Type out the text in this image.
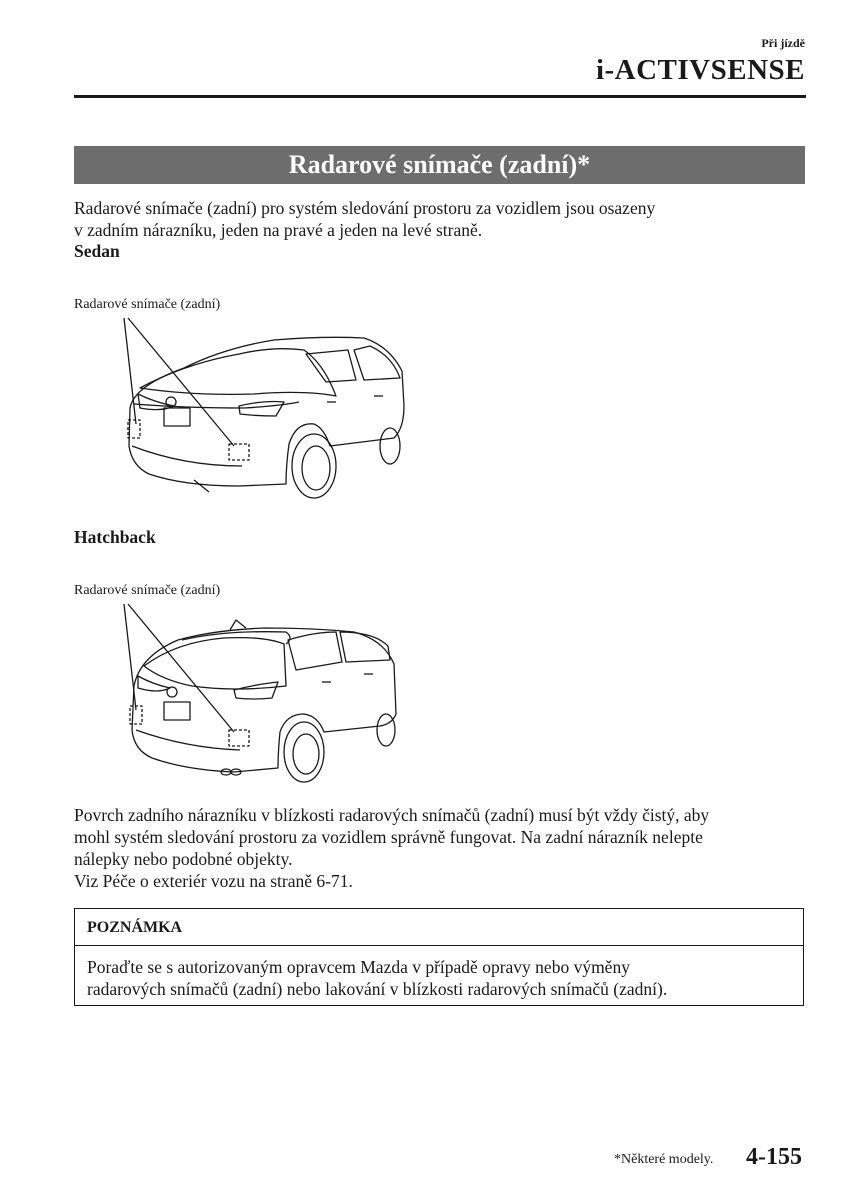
Při jízdě
i-ACTIVSENSE
Radarové snímače (zadní)*
Radarové snímače (zadní) pro systém sledování prostoru za vozidlem jsou osazeny
v zadním nárazníku, jeden na pravé a jeden na levé straně.
Sedan
Radarové snímače (zadní)
Hatchback
Radarové snímače (zadní)
Povrch zadního nárazníku v blízkosti radarových snímačů (zadní) musí být vždy čistý, aby
mohl systém sledování prostoru za vozidlem správně fungovat. Na zadní nárazník nelepte
nálepky nebo podobné objekty.
Viz Péče o exteriér vozu na straně 6-71.
POZNÁMKA
Poraďte se s autorizovaným opravcem Mazda v případě opravy nebo výměny
radarových snímačů (zadní) nebo lakování v blízkosti radarových snímačů (zadní).
*Některé modely. 4-155
